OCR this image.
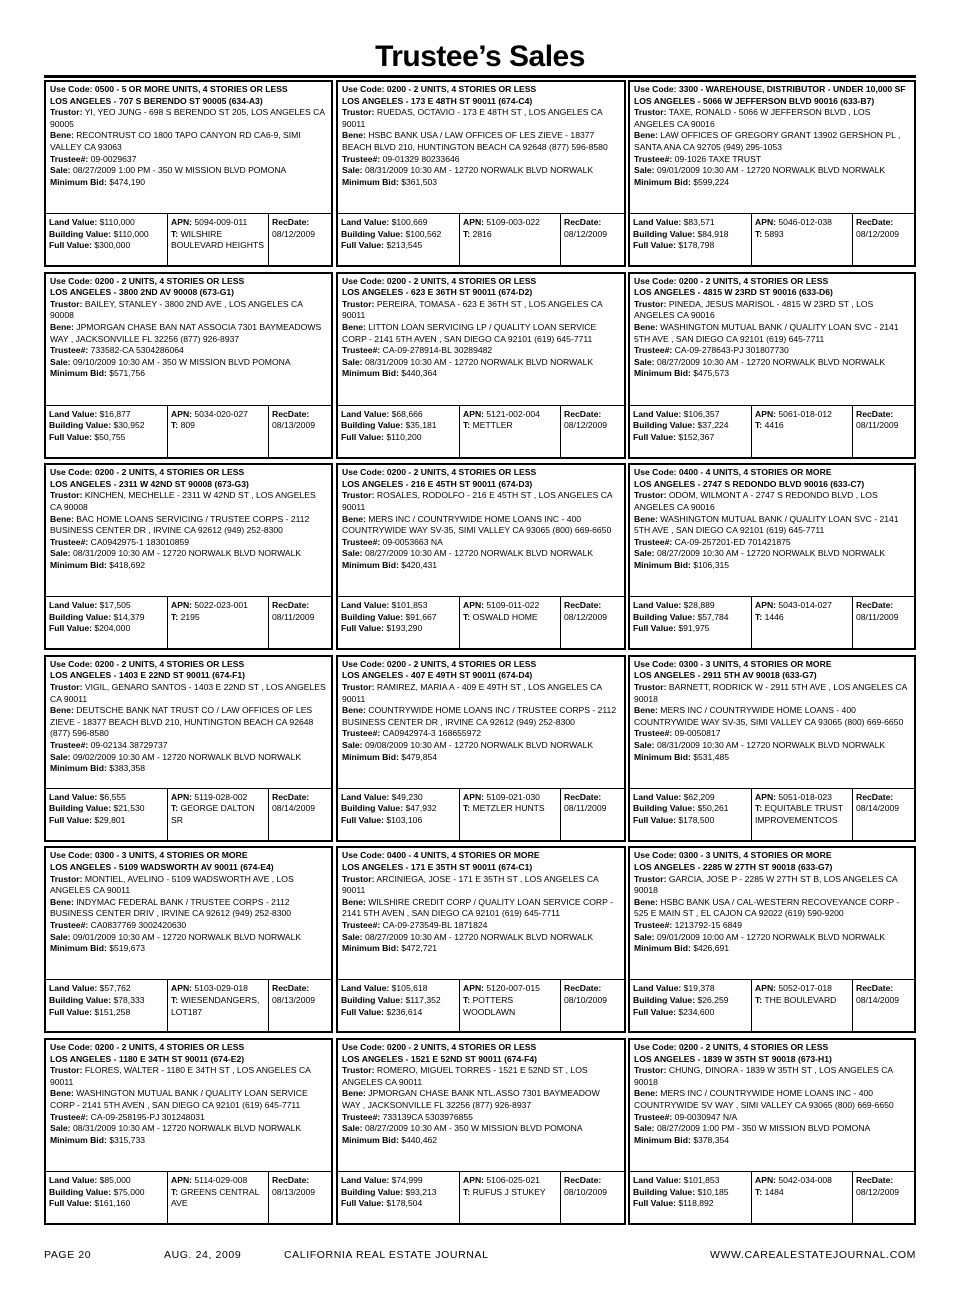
Trustee’s Sales
Use Code: 0500 - 5 OR MORE UNITS, 4 STORIES OR LESS
LOS ANGELES - 707 S BERENDO ST 90005 (634-A3)
Trustor: YI, YEO JUNG - 698 S BERENDO ST 205, LOS ANGELES CA 90005
Bene: RECONTRUST CO 1800 TAPO CANYON RD CA6-9, SIMI VALLEY CA 93063
Trustee#: 09-0029637
Sale: 08/27/2009 1:00 PM - 350 W MISSION BLVD POMONA
Minimum Bid: $474,190
Land Value: $110,000
Building Value: $110,000
Full Value: $300,000
APN: 5094-009-011
T: WILSHIRE BOULEVARD HEIGHTS
RecDate:
08/12/2009
Use Code: 0200 - 2 UNITS, 4 STORIES OR LESS
LOS ANGELES - 173 E 48TH ST 90011 (674-C4)
Trustor: RUEDAS, OCTAVIO - 173 E 48TH ST , LOS ANGELES CA 90011
Bene: HSBC BANK USA / LAW OFFICES OF LES ZIEVE - 18377 BEACH BLVD 210, HUNTINGTON BEACH CA 92648 (877) 596-8580
Trustee#: 09-01329 80233646
Sale: 08/31/2009 10:30 AM - 12720 NORWALK BLVD NORWALK
Minimum Bid: $361,503
Land Value: $100,669
Building Value: $100,562
Full Value: $213,545
APN: 5109-003-022
T: 2816
RecDate:
08/12/2009
Use Code: 3300 - WAREHOUSE, DISTRIBUTOR - UNDER 10,000 SF
LOS ANGELES - 5066 W JEFFERSON BLVD 90016 (633-B7)
Trustor: TAXE, RONALD - 5066 W JEFFERSON BLVD , LOS ANGELES CA 90016
Bene: LAW OFFICES OF GREGORY GRANT 13902 GERSHON PL , SANTA ANA CA 92705 (949) 295-1053
Trustee#: 09-1026 TAXE TRUST
Sale: 09/01/2009 10:30 AM - 12720 NORWALK BLVD NORWALK
Minimum Bid: $599,224
Land Value: $83,571
Building Value: $84,918
Full Value: $178,798
APN: 5046-012-038
T: 5893
RecDate:
08/12/2009
Use Code: 0200 - 2 UNITS, 4 STORIES OR LESS
LOS ANGELES - 3800 2ND AV 90008 (673-G1)
Trustor: BAILEY, STANLEY - 3800 2ND AVE , LOS ANGELES CA 90008
Bene: JPMORGAN CHASE BAN NAT ASSOCIA 7301 BAYMEADOWS WAY , JACKSONVILLE FL 32256 (877) 926-8937
Trustee#: 733582-CA 5304286064
Sale: 09/10/2009 10:30 AM - 350 W MISSION BLVD POMONA
Minimum Bid: $571,756
Land Value: $16,877
Building Value: $30,952
Full Value: $50,755
APN: 5034-020-027
T: 809
RecDate:
08/13/2009
Use Code: 0200 - 2 UNITS, 4 STORIES OR LESS
LOS ANGELES - 623 E 36TH ST 90011 (674-D2)
Trustor: PEREIRA, TOMASA - 623 E 36TH ST , LOS ANGELES CA 90011
Bene: LITTON LOAN SERVICING LP / QUALITY LOAN SERVICE CORP - 2141 5TH AVEN , SAN DIEGO CA 92101 (619) 645-7711
Trustee#: CA-09-278914-BL 30289482
Sale: 08/31/2009 10:30 AM - 12720 NORWALK BLVD NORWALK
Minimum Bid: $440,364
Land Value: $68,666
Building Value: $35,181
Full Value: $110,200
APN: 5121-002-004
T: METTLER
RecDate:
08/12/2009
Use Code: 0200 - 2 UNITS, 4 STORIES OR LESS
LOS ANGELES - 4815 W 23RD ST 90016 (633-D6)
Trustor: PINEDA, JESUS MARISOL - 4815 W 23RD ST , LOS ANGELES CA 90016
Bene: WASHINGTON MUTUAL BANK / QUALITY LOAN SVC - 2141 5TH AVE , SAN DIEGO CA 92101 (619) 645-7711
Trustee#: CA-09-278643-PJ 301807730
Sale: 08/27/2009 10:30 AM - 12720 NORWALK BLVD NORWALK
Minimum Bid: $475,573
Land Value: $106,357
Building Value: $37,224
Full Value: $152,367
APN: 5061-018-012
T: 4416
RecDate:
08/11/2009
Use Code: 0200 - 2 UNITS, 4 STORIES OR LESS
LOS ANGELES - 2311 W 42ND ST 90008 (673-G3)
Trustor: KINCHEN, MECHELLE - 2311 W 42ND ST , LOS ANGELES CA 90008
Bene: BAC HOME LOANS SERVICING / TRUSTEE CORPS - 2112 BUSINESS CENTER DR , IRVINE CA 92612 (949) 252-8300
Trustee#: CA0942975-1 183010859
Sale: 08/31/2009 10:30 AM - 12720 NORWALK BLVD NORWALK
Minimum Bid: $418,692
Land Value: $17,505
Building Value: $14,379
Full Value: $204,000
APN: 5022-023-001
T: 2195
RecDate:
08/11/2009
Use Code: 0200 - 2 UNITS, 4 STORIES OR LESS
LOS ANGELES - 216 E 45TH ST 90011 (674-D3)
Trustor: ROSALES, RODOLFO - 216 E 45TH ST , LOS ANGELES CA 90011
Bene: MERS INC / COUNTRYWIDE HOME LOANS INC - 400 COUNTRYWIDE WAY SV-35, SIMI VALLEY CA 93065 (800) 669-6650
Trustee#: 09-0053663 NA
Sale: 08/27/2009 10:30 AM - 12720 NORWALK BLVD NORWALK
Minimum Bid: $420,431
Land Value: $101,853
Building Value: $91,667
Full Value: $193,290
APN: 5109-011-022
T: OSWALD HOME
RecDate:
08/12/2009
Use Code: 0400 - 4 UNITS, 4 STORIES OR MORE
LOS ANGELES - 2747 S REDONDO BLVD 90016 (633-C7)
Trustor: ODOM, WILMONT A - 2747 S REDONDO BLVD , LOS ANGELES CA 90016
Bene: WASHINGTON MUTUAL BANK / QUALITY LOAN SVC - 2141 5TH AVE , SAN DIEGO CA 92101 (619) 645-7711
Trustee#: CA-09-257201-ED 701421875
Sale: 08/27/2009 10:30 AM - 12720 NORWALK BLVD NORWALK
Minimum Bid: $106,315
Land Value: $28,889
Building Value: $57,784
Full Value: $91,975
APN: 5043-014-027
T: 1446
RecDate:
08/11/2009
Use Code: 0200 - 2 UNITS, 4 STORIES OR LESS
LOS ANGELES - 1403 E 22ND ST 90011 (674-F1)
Trustor: VIGIL, GENARO SANTOS - 1403 E 22ND ST , LOS ANGELES CA 90011
Bene: DEUTSCHE BANK NAT TRUST CO / LAW OFFICES OF LES ZIEVE - 18377 BEACH BLVD 210, HUNTINGTON BEACH CA 92648 (877) 596-8580
Trustee#: 09-02134 38729737
Sale: 09/02/2009 10:30 AM - 12720 NORWALK BLVD NORWALK
Minimum Bid: $383,358
Land Value: $6,555
Building Value: $21,530
Full Value: $29,801
APN: 5119-028-002
T: GEORGE DALTON SR
RecDate:
08/14/2009
Use Code: 0200 - 2 UNITS, 4 STORIES OR LESS
LOS ANGELES - 407 E 49TH ST 90011 (674-D4)
Trustor: RAMIREZ, MARIA A - 409 E 49TH ST , LOS ANGELES CA 90011
Bene: COUNTRYWIDE HOME LOANS INC / TRUSTEE CORPS - 2112 BUSINESS CENTER DR , IRVINE CA 92612 (949) 252-8300
Trustee#: CA0942974-3 168655972
Sale: 09/08/2009 10:30 AM - 12720 NORWALK BLVD NORWALK
Minimum Bid: $479,854
Land Value: $49,230
Building Value: $47,932
Full Value: $103,106
APN: 5109-021-030
T: METZLER HUNTS
RecDate:
08/11/2009
Use Code: 0300 - 3 UNITS, 4 STORIES OR MORE
LOS ANGELES - 2911 5TH AV 90018 (633-G7)
Trustor: BARNETT, RODRICK W - 2911 5TH AVE , LOS ANGELES CA 90018
Bene: MERS INC / COUNTRYWIDE HOME LOANS - 400 COUNTRYWIDE WAY SV-35, SIMI VALLEY CA 93065 (800) 669-6650
Trustee#: 09-0050817
Sale: 08/31/2009 10:30 AM - 12720 NORWALK BLVD NORWALK
Minimum Bid: $531,485
Land Value: $62,209
Building Value: $50,261
Full Value: $178,500
APN: 5051-018-023
T: EQUITABLE TRUST IMPROVEMENTCOS
RecDate:
08/14/2009
Use Code: 0300 - 3 UNITS, 4 STORIES OR MORE
LOS ANGELES - 5109 WADSWORTH AV 90011 (674-E4)
Trustor: MONTIEL, AVELINO - 5109 WADSWORTH AVE , LOS ANGELES CA 90011
Bene: INDYMAC FEDERAL BANK / TRUSTEE CORPS - 2112 BUSINESS CENTER DRIV , IRVINE CA 92612 (949) 252-8300
Trustee#: CA0837769 3002420630
Sale: 09/01/2009 10:30 AM - 12720 NORWALK BLVD NORWALK
Minimum Bid: $519,673
Land Value: $57,762
Building Value: $78,333
Full Value: $151,258
APN: 5103-029-018
T: WIESENDANGERS, LOT187
RecDate:
08/13/2009
Use Code: 0400 - 4 UNITS, 4 STORIES OR MORE
LOS ANGELES - 171 E 35TH ST 90011 (674-C1)
Trustor: ARCINIEGA, JOSE - 171 E 35TH ST , LOS ANGELES CA 90011
Bene: WILSHIRE CREDIT CORP / QUALITY LOAN SERVICE CORP - 2141 5TH AVEN , SAN DIEGO CA 92101 (619) 645-7711
Trustee#: CA-09-273549-BL 1871824
Sale: 08/27/2009 10:30 AM - 12720 NORWALK BLVD NORWALK
Minimum Bid: $472,721
Land Value: $105,618
Building Value: $117,352
Full Value: $236,614
APN: 5120-007-015
T: POTTERS WOODLAWN
RecDate:
08/10/2009
Use Code: 0300 - 3 UNITS, 4 STORIES OR MORE
LOS ANGELES - 2285 W 27TH ST 90018 (633-G7)
Trustor: GARCIA, JOSE P - 2285 W 27TH ST B, LOS ANGELES CA 90018
Bene: HSBC BANK USA / CAL-WESTERN RECOVEYANCE CORP - 525 E MAIN ST , EL CAJON CA 92022 (619) 590-9200
Trustee#: 1213792-15 6849
Sale: 09/01/2009 10:00 AM - 12720 NORWALK BLVD NORWALK
Minimum Bid: $426,691
Land Value: $19,378
Building Value: $26,259
Full Value: $234,600
APN: 5052-017-018
T: THE BOULEVARD
RecDate:
08/14/2009
Use Code: 0200 - 2 UNITS, 4 STORIES OR LESS
LOS ANGELES - 1180 E 34TH ST 90011 (674-E2)
Trustor: FLORES, WALTER - 1180 E 34TH ST , LOS ANGELES CA 90011
Bene: WASHINGTON MUTUAL BANK / QUALITY LOAN SERVICE CORP - 2141 5TH AVEN , SAN DIEGO CA 92101 (619) 645-7711
Trustee#: CA-09-258195-PJ 301248031
Sale: 08/31/2009 10:30 AM - 12720 NORWALK BLVD NORWALK
Minimum Bid: $315,733
Land Value: $85,000
Building Value: $75,000
Full Value: $161,160
APN: 5114-029-008
T: GREENS CENTRAL AVE
RecDate:
08/13/2009
Use Code: 0200 - 2 UNITS, 4 STORIES OR LESS
LOS ANGELES - 1521 E 52ND ST 90011 (674-F4)
Trustor: ROMERO, MIGUEL TORRES - 1521 E 52ND ST , LOS ANGELES CA 90011
Bene: JPMORGAN CHASE BANK NTL.ASSO 7301 BAYMEADOW WAY , JACKSONVILLE FL 32256 (877) 926-8937
Trustee#: 733139CA 5303976855
Sale: 08/27/2009 10:30 AM - 350 W MISSION BLVD POMONA
Minimum Bid: $440,462
Land Value: $74,999
Building Value: $93,213
Full Value: $178,504
APN: 5106-025-021
T: RUFUS J STUKEY
RecDate:
08/10/2009
Use Code: 0200 - 2 UNITS, 4 STORIES OR LESS
LOS ANGELES - 1839 W 35TH ST 90018 (673-H1)
Trustor: CHUNG, DINORA - 1839 W 35TH ST , LOS ANGELES CA 90018
Bene: MERS INC / COUNTRYWIDE HOME LOANS INC - 400 COUNTRYWIDE SV WAY , SIMI VALLEY CA 93065 (800) 669-6650
Trustee#: 09-0030947 N/A
Sale: 08/27/2009 1:00 PM - 350 W MISSION BLVD POMONA
Minimum Bid: $378,354
Land Value: $101,853
Building Value: $10,185
Full Value: $118,892
APN: 5042-034-008
T: 1484
RecDate:
08/12/2009
PAGE 20	AUG. 24, 2009	CALIFORNIA REAL ESTATE JOURNAL	WWW.CAREALESTATEJOURNAL.COM
